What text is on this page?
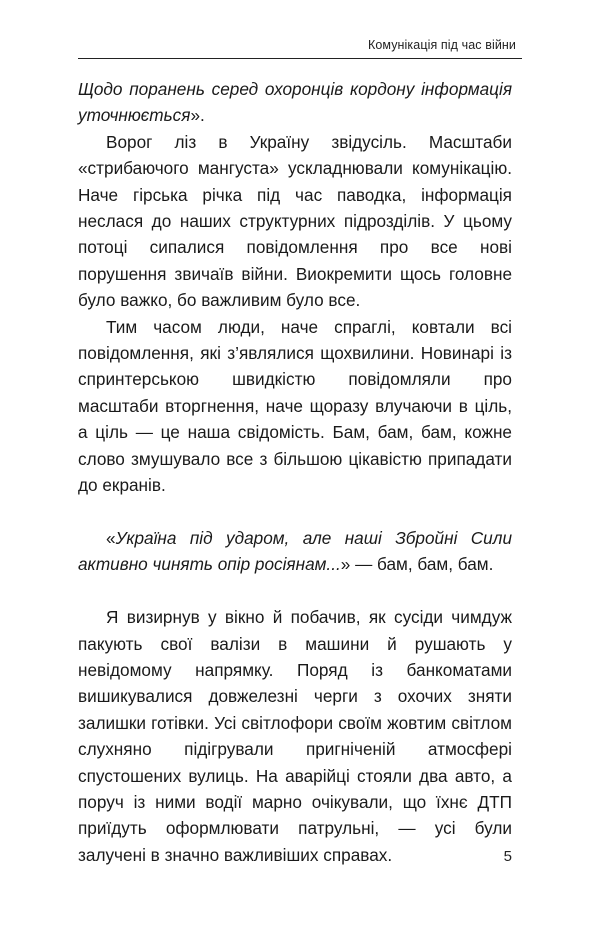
Комунікація під час війни

Щодо поранень серед охоронців кордону інформація уточнюється».

Ворог ліз в Україну звідусіль. Масштаби «стрибаючого мангуста» ускладнювали комунікацію. Наче гірська річка під час паводка, інформація неслася до наших структурних підрозділів. У цьому потоці сипалися повідомлення про все нові порушення звичаїв війни. Виокремити щось головне було важко, бо важливим було все.

Тим часом люди, наче спраглі, ковтали всі повідомлення, які з’являлися щохвилини. Новинарі із спринтерською швидкістю повідомляли про масштаби вторгнення, наче щоразу влучаючи в ціль, а ціль — це наша свідомість. Бам, бам, бам, кожне слово змушувало все з більшою цікавістю припадати до екранів.

«Україна під ударом, але наші Збройні Сили активно чинять опір росіянам...» — бам, бам, бам.

Я визирнув у вікно й побачив, як сусіди чимдуж пакують свої валізи в машини й рушають у невідомому напрямку. Поряд із банкоматами вишикувалися довжелезні черги з охочих зняти залишки готівки. Усі світлофори своїм жовтим світлом слухняно підігрували пригніченій атмосфері спустошених вулиць. На аварійці стояли два авто, а поруч із ними водії марно очікували, що їхнє ДТП приїдуть оформлювати патрульні, — усі були залучені в значно важливіших справах.	5
